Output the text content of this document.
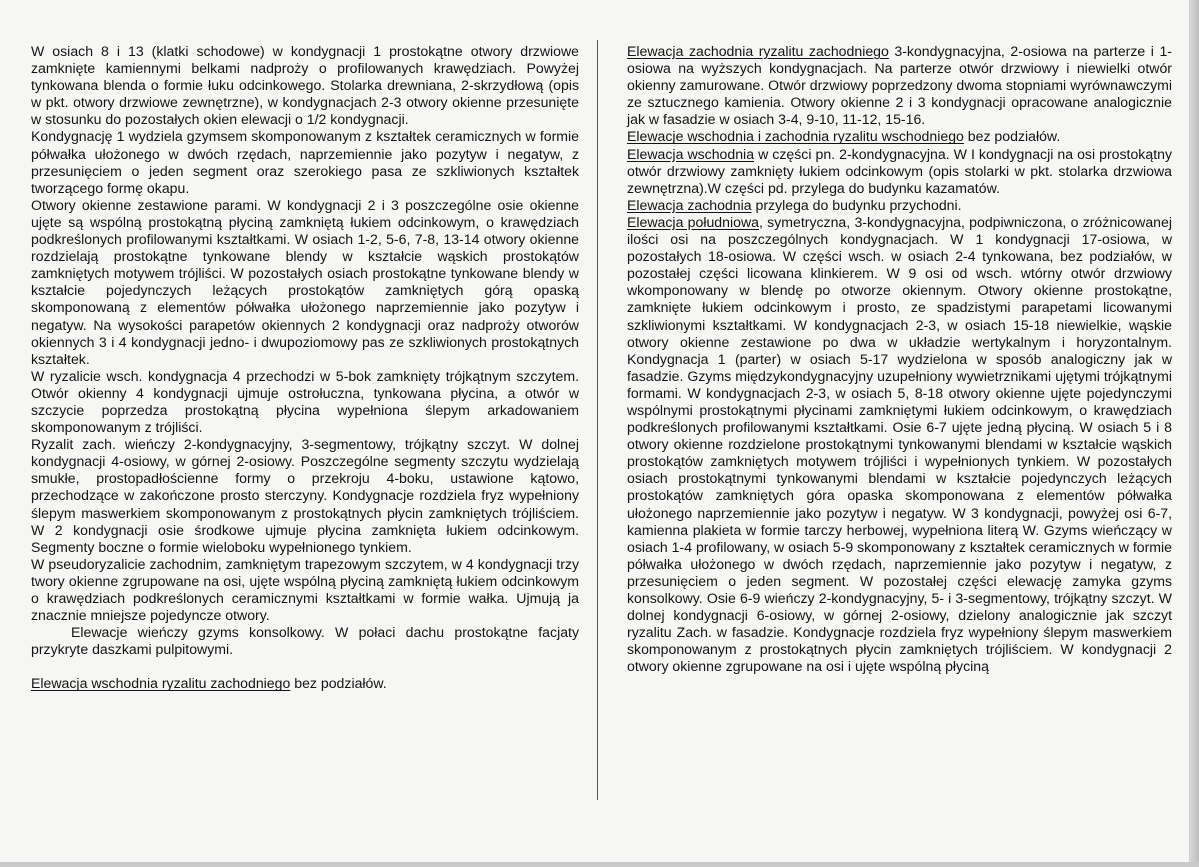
W osiach 8 i 13 (klatki schodowe) w kondygnacji 1 prostokątne otwory drzwiowe zamknięte kamiennymi belkami nadproży o profilowanych krawędziach. Powyżej tynkowana blenda o formie łuku odcinkowego. Stolarka drewniana, 2-skrzydłową (opis w pkt. otwory drzwiowe zewnętrzne), w kondygnacjach 2-3 otwory okienne przesunięte w stosunku do pozostałych okien elewacji o 1/2 kondygnacji.

Kondygnację 1 wydziela gzymsem skomponowanym z kształtek ceramicznych w formie półwałka ułożonego w dwóch rzędach, naprzemiennie jako pozytyw i negatyw, z przesunięciem o jeden segment oraz szerokiego pasa ze szkliwionych kształtek tworzącego formę okapu.

Otwory okienne zestawione parami. W kondygnacji 2 i 3 poszczególne osie okienne ujęte są wspólną prostokątną płyciną zamkniętą łukiem odcinkowym, o krawędziach podkreślonych profilowanymi kształtkami. W osiach 1-2, 5-6, 7-8, 13-14 otwory okienne rozdzielają prostokątne tynkowane blendy w kształcie wąskich prostokątów zamkniętych motywem trójliści. W pozostałych osiach prostokątne tynkowane blendy w kształcie pojedynczych leżących prostokątów zamkniętych górą opaską skomponowaną z elementów półwałka ułożonego naprzemiennie jako pozytyw i negatyw. Na wysokości parapetów okiennych 2 kondygnacji oraz nadproży otworów okiennych 3 i 4 kondygnacji jedno- i dwupoziomowy pas ze szkliwionych prostokątnych kształtek.

W ryzalicie wsch. kondygnacja 4 przechodzi w 5-bok zamknięty trójkątnym szczytem. Otwór okienny 4 kondygnacji ujmuje ostrołuczna, tynkowana płycina, a otwór w szczycie poprzedza prostokątną płycina wypełniona ślepym arkadowaniem skomponowanym z trójliści.

Ryzalit zach. wieńczy 2-kondygnacyjny, 3-segmentowy, trójkątny szczyt. W dolnej kondygnacji 4-osiowy, w górnej 2-osiowy. Poszczególne segmenty szczytu wydzielają smukłe, prostopadłościenne formy o przekroju 4-boku, ustawione kątowo, przechodzące w zakończone prosto sterczyny. Kondygnacje rozdziela fryz wypełniony ślepym maswerkiem skomponowanym z prostokątnych płycin zamkniętych trójliściem. W 2 kondygnacji osie środkowe ujmuje płycina zamknięta łukiem odcinkowym. Segmenty boczne o formie wieloboku wypełnionego tynkiem.

W pseudoryzalicie zachodnim, zamkniętym trapezowym szczytem, w 4 kondygnacji trzy twory okienne zgrupowane na osi, ujęte wspólną płyciną zamkniętą łukiem odcinkowym o krawędziach podkreślonych ceramicznymi kształtkami w formie wałka. Ujmują ja znacznie mniejsze pojedyncze otwory.

Elewacje wieńczy gzyms konsolkowy. W połaci dachu prostokątne facjaty przykryte daszkami pulpitowymi.

Elewacja wschodnia ryzalitu zachodniego bez podziałów.

Elewacja zachodnia ryzalitu zachodniego 3-kondygnacyjna, 2-osiowa na parterze i 1-osiowa na wyższych kondygnacjach. Na parterze otwór drzwiowy i niewielki otwór okienny zamurowane. Otwór drzwiowy poprzedzony dwoma stopniami wyrównawczymi ze sztucznego kamienia. Otwory okienne 2 i 3 kondygnacji opracowane analogicznie jak w fasadzie w osiach 3-4, 9-10, 11-12, 15-16.

Elewacje wschodnia i zachodnia ryzalitu wschodniego bez podziałów.

Elewacja wschodnia w części pn. 2-kondygnacyjna. W I kondygnacji na osi prostokątny otwór drzwiowy zamknięty łukiem odcinkowym (opis stolarki w pkt. stolarka drzwiowa zewnętrzna).W części pd. przylega do budynku kazamatów.

Elewacja zachodnia przylega do budynku przychodni.

Elewacja południowa, symetryczna, 3-kondygnacyjna, podpiwniczona, o zróżnicowanej ilości osi na poszczególnych kondygnacjach. W 1 kondygnacji 17-osiowa, w pozostałych 18-osiowa. W części wsch. w osiach 2-4 tynkowana, bez podziałów, w pozostałej części licowana klinkierem. W 9 osi od wsch. wtórny otwór drzwiowy wkomponowany w blendę po otworze okiennym. Otwory okienne prostokątne, zamknięte łukiem odcinkowym i prosto, ze spadzistymi parapetami licowanymi szkliwionymi kształtkami. W kondygnacjach 2-3, w osiach 15-18 niewielkie, wąskie otwory okienne zestawione po dwa w układzie wertykalnym i horyzontalnym. Kondygnacja 1 (parter) w osiach 5-17 wydzielona w sposób analogiczny jak w fasadzie. Gzyms międzykondygnacyjny uzupełniony wywietrznikami ujętymi trójkątnymi formami. W kondygnacjach 2-3, w osiach 5, 8-18 otwory okienne ujęte pojedynczymi wspólnymi prostokątnymi płycinami zamkniętymi łukiem odcinkowym, o krawędziach podkreślonych profilowanymi kształtkami. Osie 6-7 ujęte jedną płyciną. W osiach 5 i 8 otwory okienne rozdzielone prostokątnymi tynkowanymi blendami w kształcie wąskich prostokątów zamkniętych motywem trójliści i wypełnionych tynkiem. W pozostałych osiach prostokątnymi tynkowanymi blendami w kształcie pojedynczych leżących prostokątów zamkniętych góra opaska skomponowana z elementów półwałka ułożonego naprzemiennie jako pozytyw i negatyw. W 3 kondygnacji, powyżej osi 6-7, kamienna plakieta w formie tarczy herbowej, wypełniona literą W. Gzyms wieńczący w osiach 1-4 profilowany, w osiach 5-9 skomponowany z kształtek ceramicznych w formie półwałka ułożonego w dwóch rzędach, naprzemiennie jako pozytyw i negatyw, z przesunięciem o jeden segment. W pozostałej części elewację zamyka gzyms konsolkowy. Osie 6-9 wieńczy 2-kondygnacyjny, 5- i 3-segmentowy, trójkątny szczyt. W dolnej kondygnacji 6-osiowy, w górnej 2-osiowy, dzielony analogicznie jak szczyt ryzalitu Zach. w fasadzie. Kondygnacje rozdziela fryz wypełniony ślepym maswerkiem skomponowanym z prostokątnych płycin zamkniętych trójliściem. W kondygnacji 2 otwory okienne zgrupowane na osi i ujęte wspólną płyciną
